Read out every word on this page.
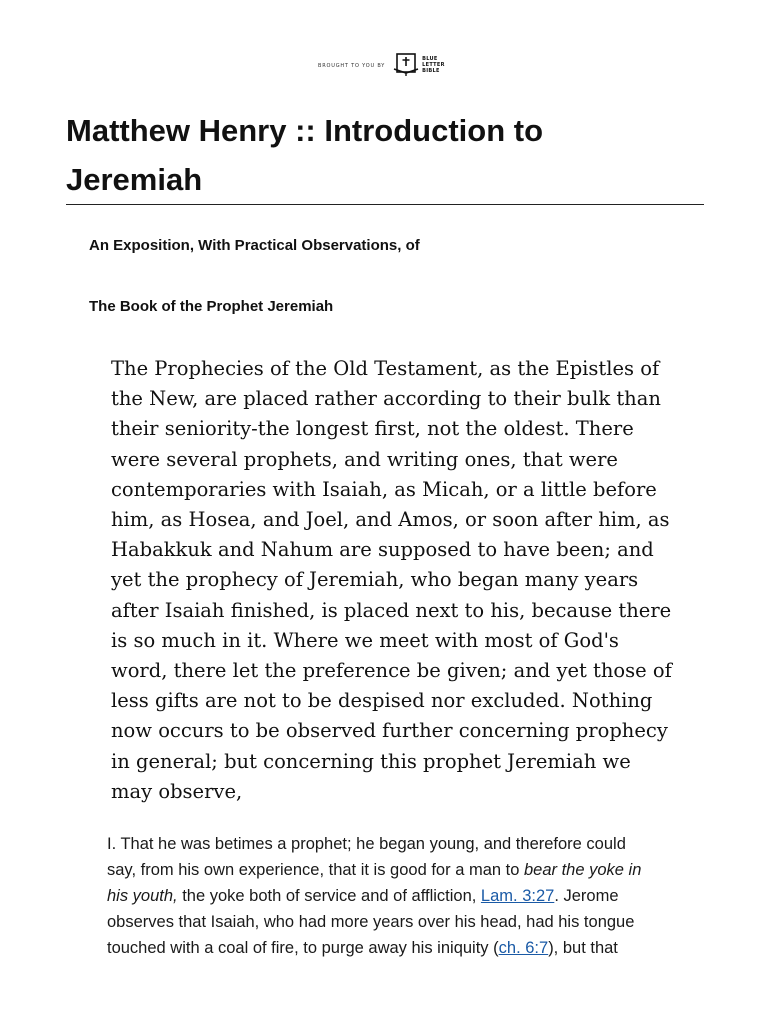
BROUGHT TO YOU BY
BLUE
LETTER
BIBLE
Matthew Henry :: Introduction to
Jeremiah

An Exposition, With Practical Observations, of

The Book of the Prophet Jeremiah

The Prophecies of the Old Testament, as the Epistles of
the New, are placed rather according to their bulk than
their seniority-the longest first, not the oldest. There
were several prophets, and writing ones, that were
contemporaries with Isaiah, as Micah, or a little before
him, as Hosea, and Joel, and Amos, or soon after him, as
Habakkuk and Nahum are supposed to have been; and
yet the prophecy of Jeremiah, who began many years
after Isaiah finished, is placed next to his, because there
is so much in it. Where we meet with most of God's
word, there let the preference be given; and yet those of
less gifts are not to be despised nor excluded. Nothing
now occurs to be observed further concerning prophecy
in general; but concerning this prophet Jeremiah we
may observe,

I. That he was betimes a prophet; he began young, and therefore could
say, from his own experience, that it is good for a man to bear the yoke in
his youth, the yoke both of service and of affliction, Lam. 3:27. Jerome
observes that Isaiah, who had more years over his head, had his tongue
touched with a coal of fire, to purge away his iniquity (ch. 6:7), but that
